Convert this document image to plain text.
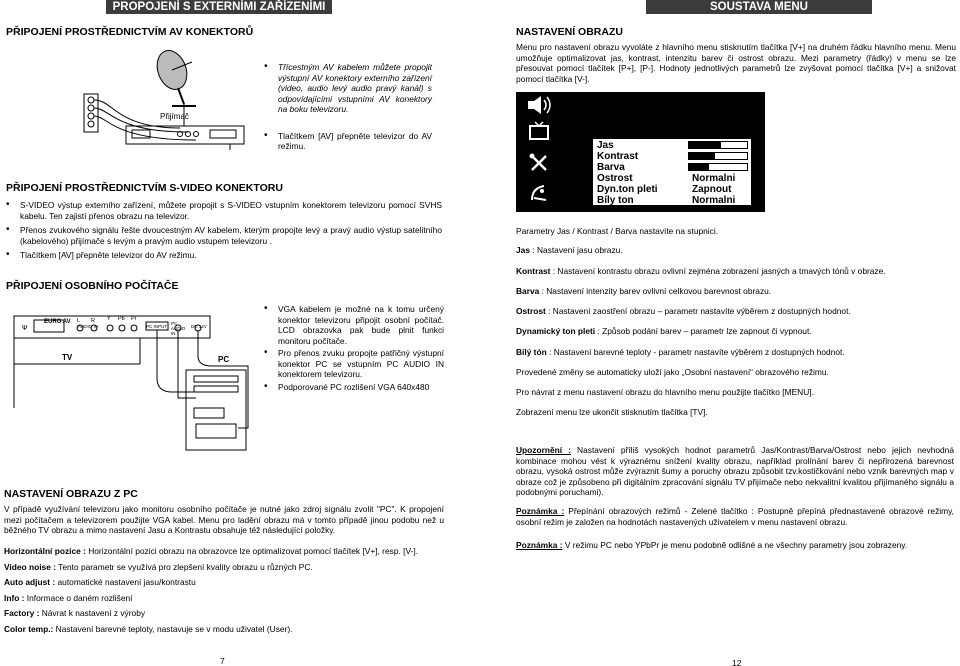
PROPOJENÍ S EXTERNÍMI ZAŘÍZENÍMI
PŘIPOJENÍ PROSTŘEDNICTVÍM AV KONEKTORŮ
Přijímač
• Třícestným AV kabelem můžete propojit výstupní AV konektory externího zařízení (video, audio levý audio pravý kanál) s odpovídajícími vstupními AV konektory na boku televizoru.
• Tlačítkem [AV] přepněte televizor do AV režimu.
PŘIPOJENÍ PROSTŘEDNICTVÍM S-VIDEO KONEKTORU
• S-VIDEO výstup externího zařízení, můžete propojit s S-VIDEO vstupním konektorem televizoru pomocí SVHS kabelu. Ten zajistí přenos obrazu na televizor.
• Přenos zvukového signálu řešte dvoucestným AV kabelem, kterým propojte levý a pravý audio výstup satelitního (kabelového) přijímače s levým a pravým audio vstupem televizoru .
• Tlačítkem [AV] přepněte televizor do AV režimu.
PŘIPOJENÍ OSOBNÍHO POČÍTAČE
Ψ
EURO AV L R
AUDIO IN
Y Pb Pr
PC INPUT
PC AUDIO IN
DC 12V
TV	PC
• VGA kabelem je možné na k tomu určený konektor televizoru připojit osobní počítač. LCD obrazovka pak bude plnit funkci monitoru počítače.
• Pro přenos zvuku propojte patřičný výstupní konektor PC se vstupním PC AUDIO IN konektorem televizoru.
• Podporované PC rozlišení VGA 640x480
NASTAVENÍ OBRAZU Z PC
V případě využívání televizoru jako monitoru osobního počítače je nutné jako zdroj signálu zvolit "PC". K propojení mezi počítačem a televizorem použijte VGA kabel. Menu pro ladění obrazu má v tomto případě jinou podobu než u běžného TV obrazu a mimo nastavení Jasu a Kontrastu obsahuje též následující položky.
Horizontální pozice : Horizontální pozici obrazu na obrazovce lze optimalizovat pomocí tlačítek [V+], resp. [V-].
Video noise : Tento parametr se využívá pro zlepšení kvality obrazu u různých PC.
Auto adjust : automatické nastavení jasu/kontrastu
Info : Informace o daném rozlišení
Factory : Návrat k nastavení z výroby
Color temp.: Nastavení barevné teploty, nastavuje se v modu uživatel (User).
7
SOUSTAVA MENU
NASTAVENÍ OBRAZU
Menu pro nastavení obrazu vyvoláte z hlavního menu stisknutím tlačítka [V+] na druhém řádku hlavního menu. Menu umožňuje optimalizovat jas, kontrast, intenzitu barev či ostrost obrazu. Mezi parametry (řádky) v menu se lze přesouvat pomocí tlačítek [P+], [P-]. Hodnoty jednotlivých parametrů lze zvyšovat pomocí tlačítka [V+] a snižovat pomocí tlačítka [V-].
Jas
Kontrast
Barva
Ostrost	Normalni
Dyn.ton pleti	Zapnout
Bíly ton	Normalni
Parametry Jas / Kontrast / Barva nastavíte na stupnici.
Jas : Nastavení jasu obrazu.
Kontrast : Nastavení kontrastu obrazu ovlivní zejména zobrazení jasných a tmavých tónů v obraze.
Barva : Nastavení intenzity barev ovlivní celkovou barevnost obrazu.
Ostrost : Nastavení zaostření obrazu – parametr nastavíte výběrem z dostupných hodnot.
Dynamický ton pleti : Způsob podání barev – parametr lze zapnout či vypnout.
Bílý tón : Nastavení barevné teploty - parametr nastavíte výběrem z dostupných hodnot.
Provedené změny se automaticky uloží jako „Osobní nastavení“ obrazového režimu.
Pro návrat z menu nastavení obrazu do hlavního menu použijte tlačítko [MENU].
Zobrazení menu lze ukončit stisknutím tlačítka [TV].
Upozornění : Nastavení příliš vysokých hodnot parametrů Jas/Kontrast/Barva/Ostrost nebo jejich nevhodná kombinace mohou vést k výraznému snížení kvality obrazu, například prolínání barev či nepřirozená barevnost obrazu, vysoká ostrost může zvýraznit šumy a poruchy obrazu způsobit tzv.kostičkování nebo vznik barevných map v obraze což je způsobeno při digitálním zpracování signálu TV přijímače nebo nekvalitní kvalitou přijímaného signálu a podobnými poruchami).
Poznámka : Přepínání obrazových režimů - Zelené tlačítko : Postupně přepíná přednastavené obrazové režimy, osobní režim je založen na hodnotách nastavených uživatelem v menu nastavení obrazu.
Poznámka : V režimu PC nebo YPbPr je menu podobně odlišné a ne všechny parametry jsou zobrazeny.
12
